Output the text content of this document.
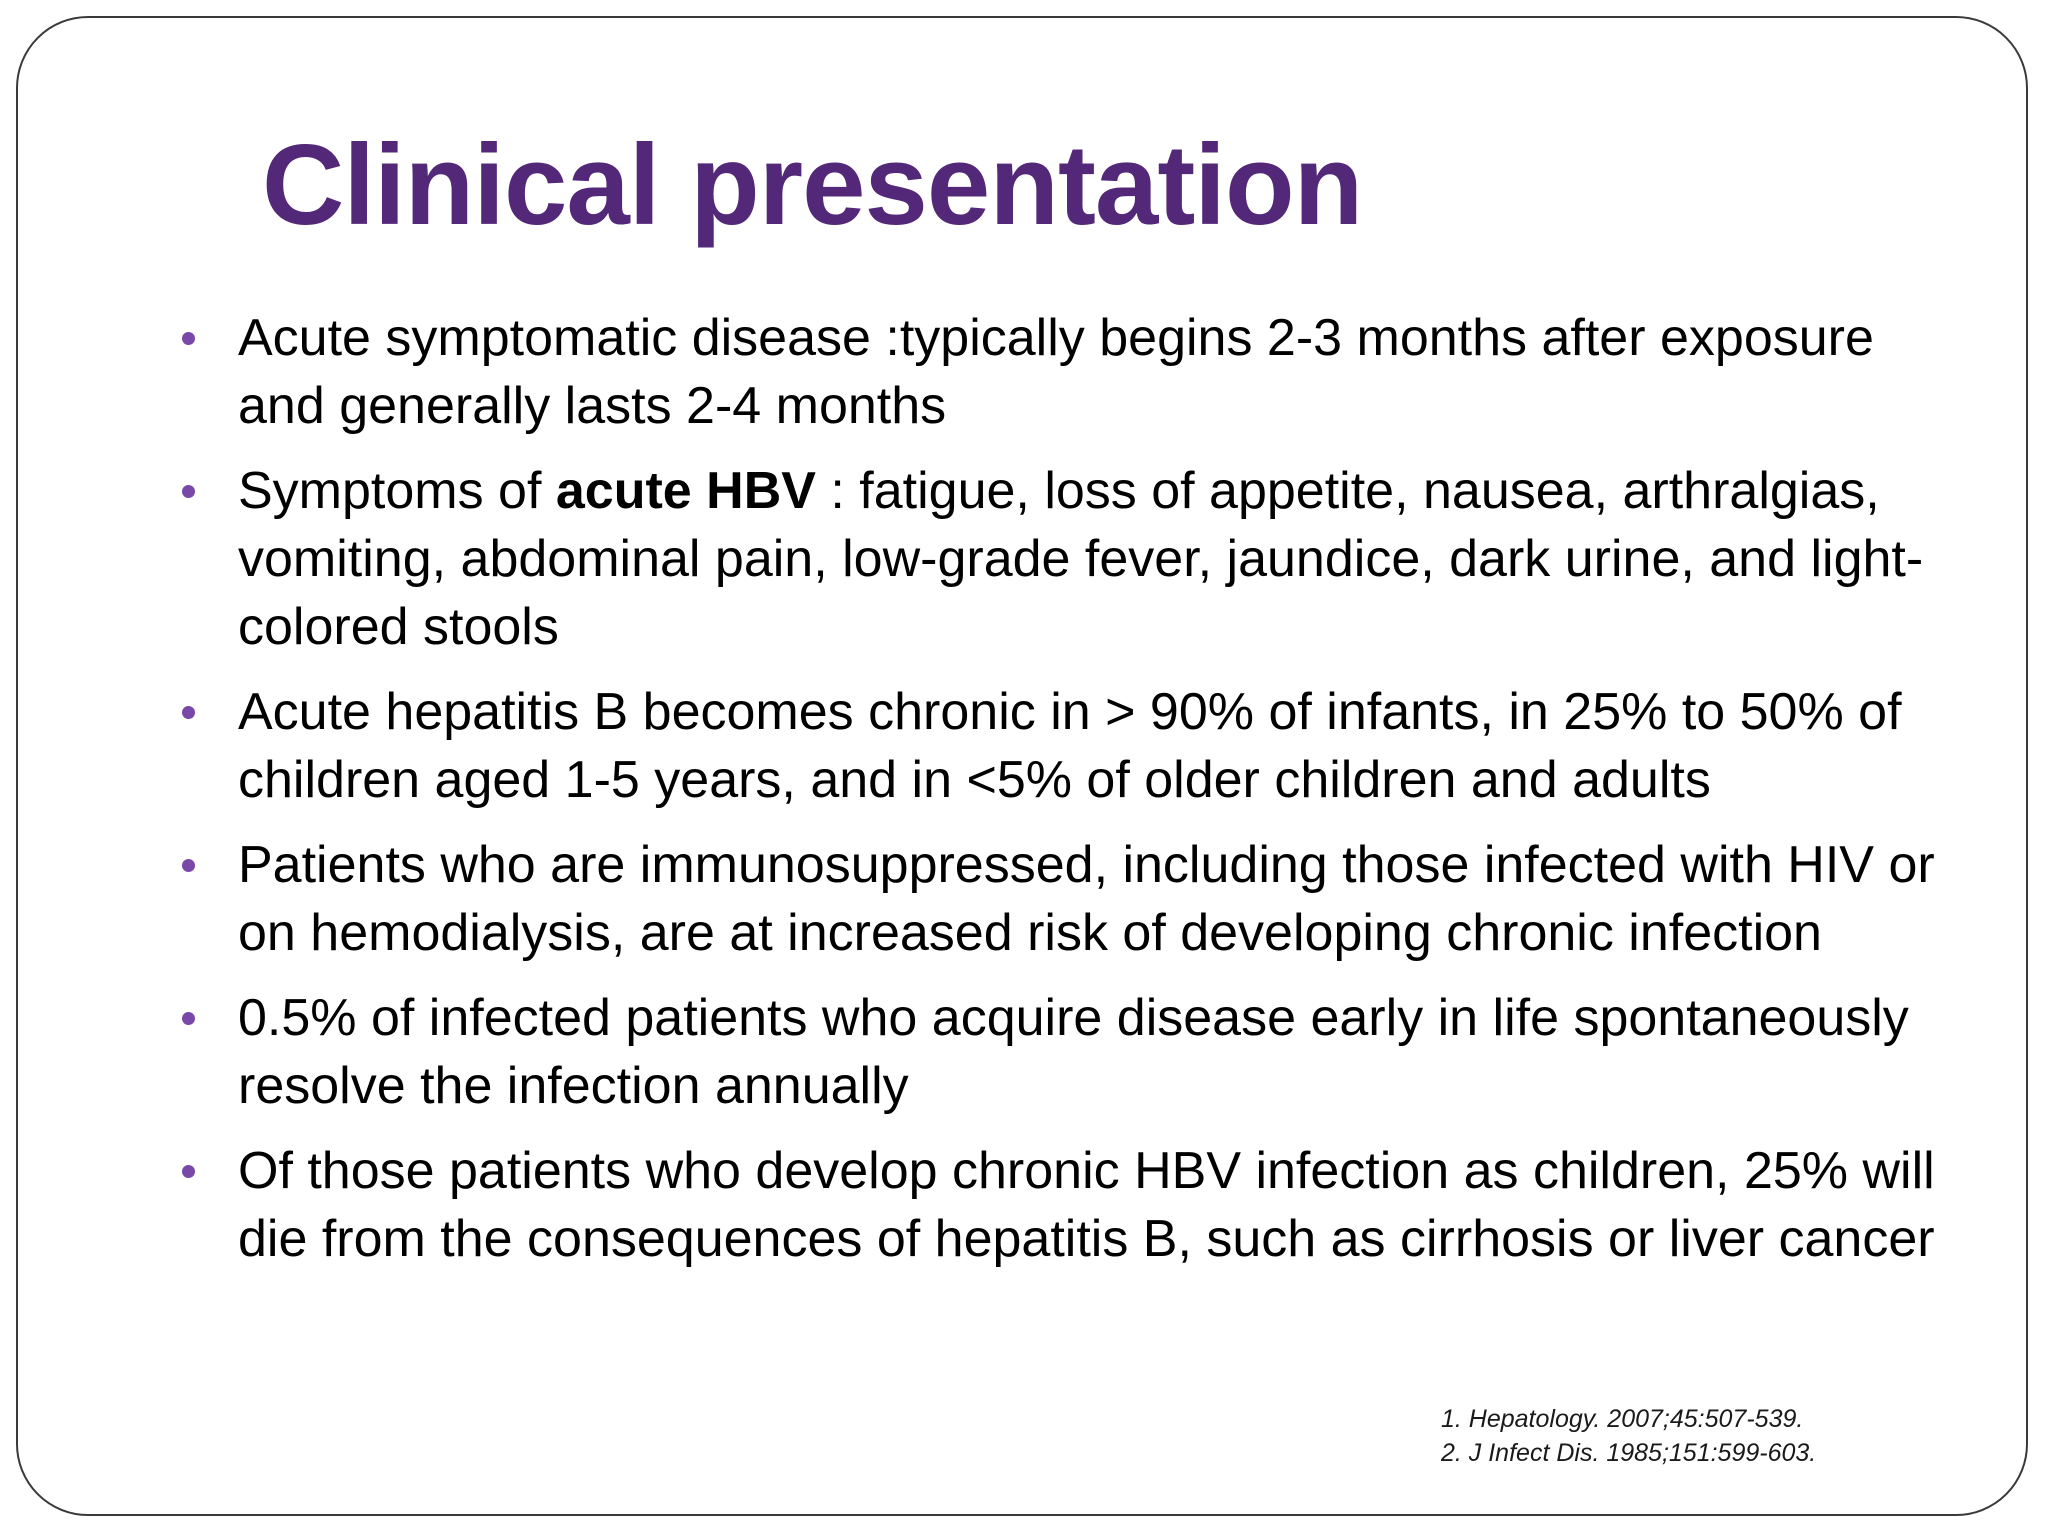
Clinical presentation
Acute symptomatic disease :typically begins 2-3 months after exposure and generally lasts 2-4 months
Symptoms of acute HBV : fatigue, loss of appetite, nausea, arthralgias, vomiting, abdominal pain, low-grade fever, jaundice, dark urine, and light-colored stools
Acute hepatitis B becomes chronic in > 90% of infants, in 25% to 50% of children aged 1-5 years, and in <5% of older children and adults
Patients who are immunosuppressed, including those infected with HIV or on hemodialysis, are at increased risk of developing chronic infection
0.5% of infected patients who acquire disease early in life spontaneously resolve the infection annually
Of those patients who develop chronic HBV infection as children, 25% will die from the consequences of hepatitis B, such as cirrhosis or liver cancer
1. Hepatology. 2007;45:507-539.
2. J Infect Dis. 1985;151:599-603.
